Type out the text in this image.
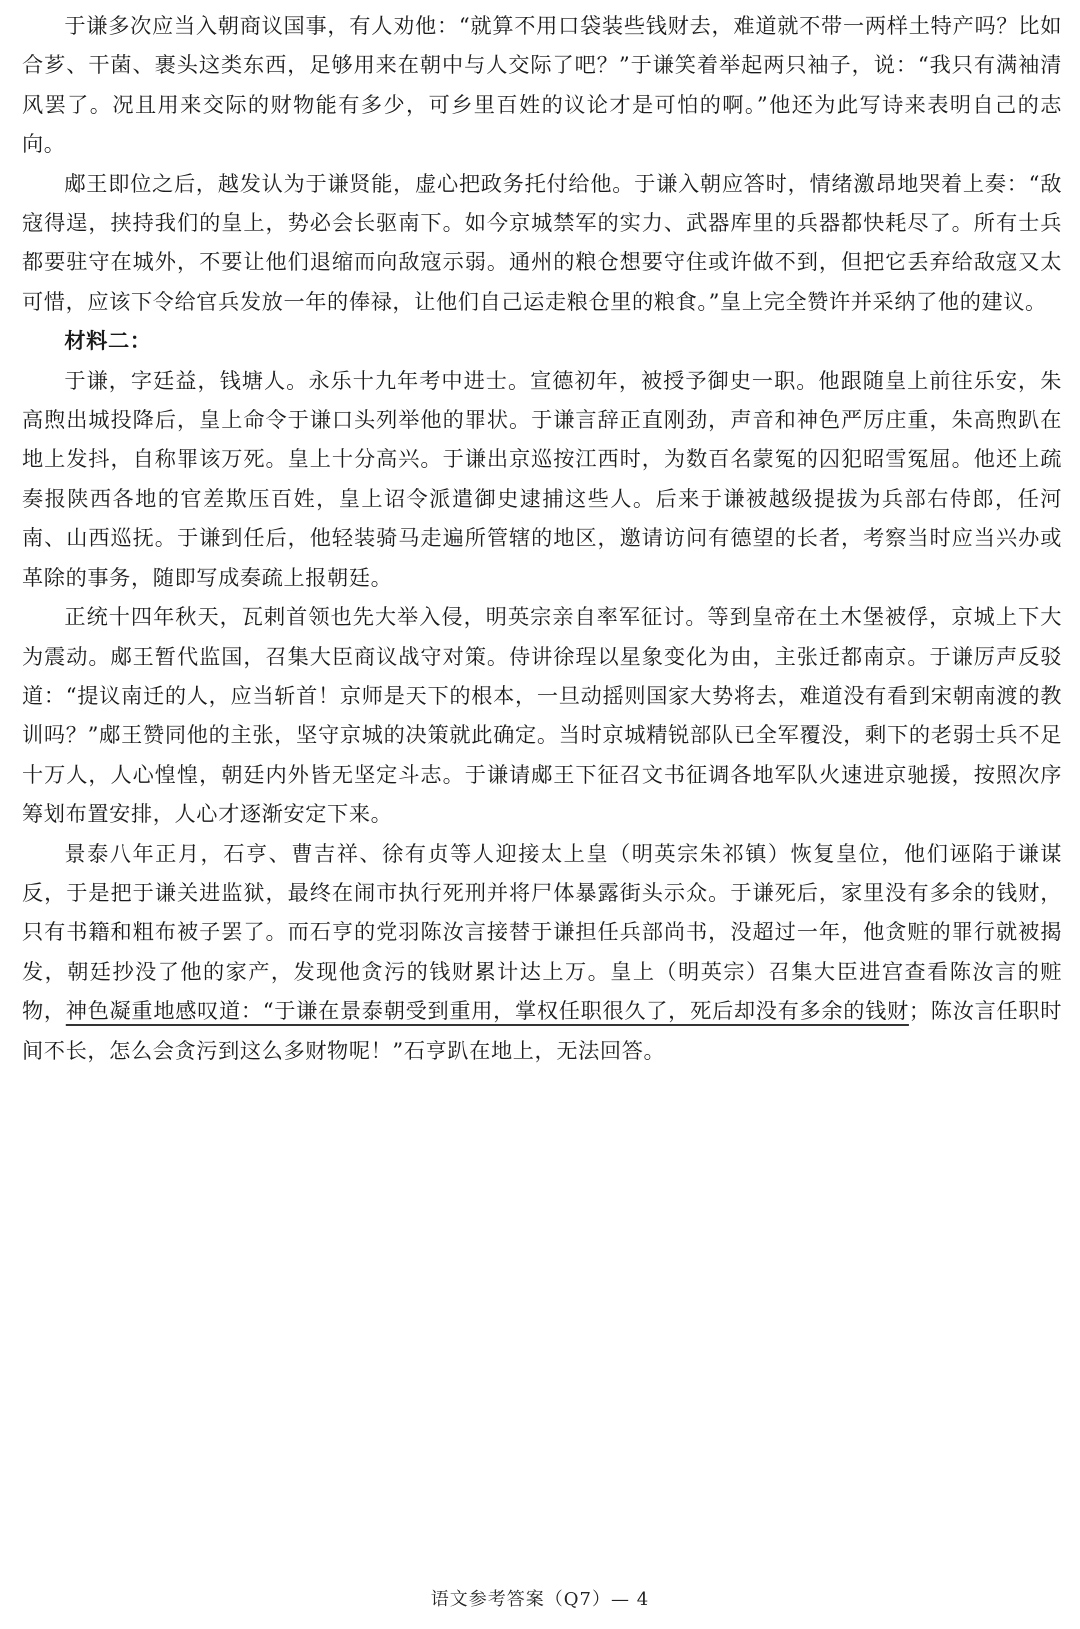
于谦多次应当入朝商议国事，有人劝他：“就算不用口袋装些钱财去，难道就不带一两样土特产吗？比如合芗、干菌、裹头这类东西，足够用来在朝中与人交际了吧？”于谦笑着举起两只袖子，说：“我只有满袖清风罢了。况且用来交际的财物能有多少，可乡里百姓的议论才是可怕的啊。”他还为此写诗来表明自己的志向。

郕王即位之后，越发认为于谦贤能，虚心把政务托付给他。于谦入朝应答时，情绪激昂地哭着上奏：“敌寇得逞，挟持我们的皇上，势必会长驱南下。如今京城禁军的实力、武器库里的兵器都快耗尽了。所有士兵都要驻守在城外，不要让他们退缩而向敌寇示弱。通州的粮仓想要守住或许做不到，但把它丢弃给敌寇又太可惜，应该下令给官兵发放一年的俸禄，让他们自己运走粮仓里的粮食。”皇上完全赞许并采纳了他的建议。

材料二：

于谦，字廷益，钱塘人。永乐十九年考中进士。宣德初年，被授予御史一职。他跟随皇上前往乐安，朱高煦出城投降后，皇上命令于谦口头列举他的罪状。于谦言辞正直刚劲，声音和神色严厉庄重，朱高煦趴在地上发抖，自称罪该万死。皇上十分高兴。于谦出京巡按江西时，为数百名蒙冤的囚犯昭雪冤屈。他还上疏奏报陕西各地的官差欺压百姓，皇上诏令派遣御史逮捕这些人。后来于谦被越级提拔为兵部右侍郎，任河南、山西巡抚。于谦到任后，他轻装骑马走遍所管辖的地区，邀请访问有德望的长者，考察当时应当兴办或革除的事务，随即写成奏疏上报朝廷。

正统十四年秋天，瓦剌首领也先大举入侵，明英宗亲自率军征讨。等到皇帝在土木堡被俘，京城上下大为震动。郕王暂代监国，召集大臣商议战守对策。侍讲徐珵以星象变化为由，主张迁都南京。于谦厉声反驳道：“提议南迁的人，应当斩首！京师是天下的根本，一旦动摇则国家大势将去，难道没有看到宋朝南渡的教训吗？”郕王赞同他的主张，坚守京城的决策就此确定。当时京城精锐部队已全军覆没，剩下的老弱士兵不足十万人，人心惶惶，朝廷内外皆无坚定斗志。于谦请郕王下征召文书征调各地军队火速进京驰援，按照次序筹划布置安排，人心才逐渐安定下来。

景泰八年正月，石亨、曹吉祥、徐有贞等人迎接太上皇（明英宗朱祁镇）恢复皇位，他们诬陷于谦谋反，于是把于谦关进监狱，最终在闹市执行死刑并将尸体暴露街头示众。于谦死后，家里没有多余的钱财，只有书籍和粗布被子罢了。而石亨的党羽陈汝言接替于谦担任兵部尚书，没超过一年，他贪赃的罪行就被揭发，朝廷抄没了他的家产，发现他贪污的钱财累计达上万。皇上（明英宗）召集大臣进宫查看陈汝言的赃物，神色凝重地感叹道：“于谦在景泰朝受到重用，掌权任职很久了，死后却没有多余的钱财；陈汝言任职时间不长，怎么会贪污到这么多财物呢！”石亨趴在地上，无法回答。

语文参考答案（Q7）— 4
